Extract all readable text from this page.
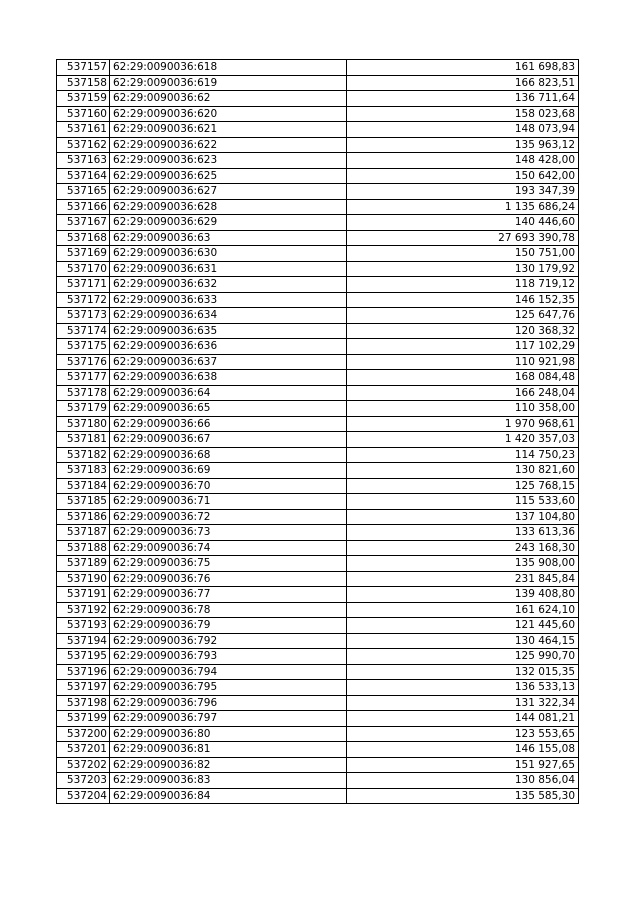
537157	62:29:0090036:618	161 698,83
537158	62:29:0090036:619	166 823,51
537159	62:29:0090036:62	136 711,64
537160	62:29:0090036:620	158 023,68
537161	62:29:0090036:621	148 073,94
537162	62:29:0090036:622	135 963,12
537163	62:29:0090036:623	148 428,00
537164	62:29:0090036:625	150 642,00
537165	62:29:0090036:627	193 347,39
537166	62:29:0090036:628	1 135 686,24
537167	62:29:0090036:629	140 446,60
537168	62:29:0090036:63	27 693 390,78
537169	62:29:0090036:630	150 751,00
537170	62:29:0090036:631	130 179,92
537171	62:29:0090036:632	118 719,12
537172	62:29:0090036:633	146 152,35
537173	62:29:0090036:634	125 647,76
537174	62:29:0090036:635	120 368,32
537175	62:29:0090036:636	117 102,29
537176	62:29:0090036:637	110 921,98
537177	62:29:0090036:638	168 084,48
537178	62:29:0090036:64	166 248,04
537179	62:29:0090036:65	110 358,00
537180	62:29:0090036:66	1 970 968,61
537181	62:29:0090036:67	1 420 357,03
537182	62:29:0090036:68	114 750,23
537183	62:29:0090036:69	130 821,60
537184	62:29:0090036:70	125 768,15
537185	62:29:0090036:71	115 533,60
537186	62:29:0090036:72	137 104,80
537187	62:29:0090036:73	133 613,36
537188	62:29:0090036:74	243 168,30
537189	62:29:0090036:75	135 908,00
537190	62:29:0090036:76	231 845,84
537191	62:29:0090036:77	139 408,80
537192	62:29:0090036:78	161 624,10
537193	62:29:0090036:79	121 445,60
537194	62:29:0090036:792	130 464,15
537195	62:29:0090036:793	125 990,70
537196	62:29:0090036:794	132 015,35
537197	62:29:0090036:795	136 533,13
537198	62:29:0090036:796	131 322,34
537199	62:29:0090036:797	144 081,21
537200	62:29:0090036:80	123 553,65
537201	62:29:0090036:81	146 155,08
537202	62:29:0090036:82	151 927,65
537203	62:29:0090036:83	130 856,04
537204	62:29:0090036:84	135 585,30
